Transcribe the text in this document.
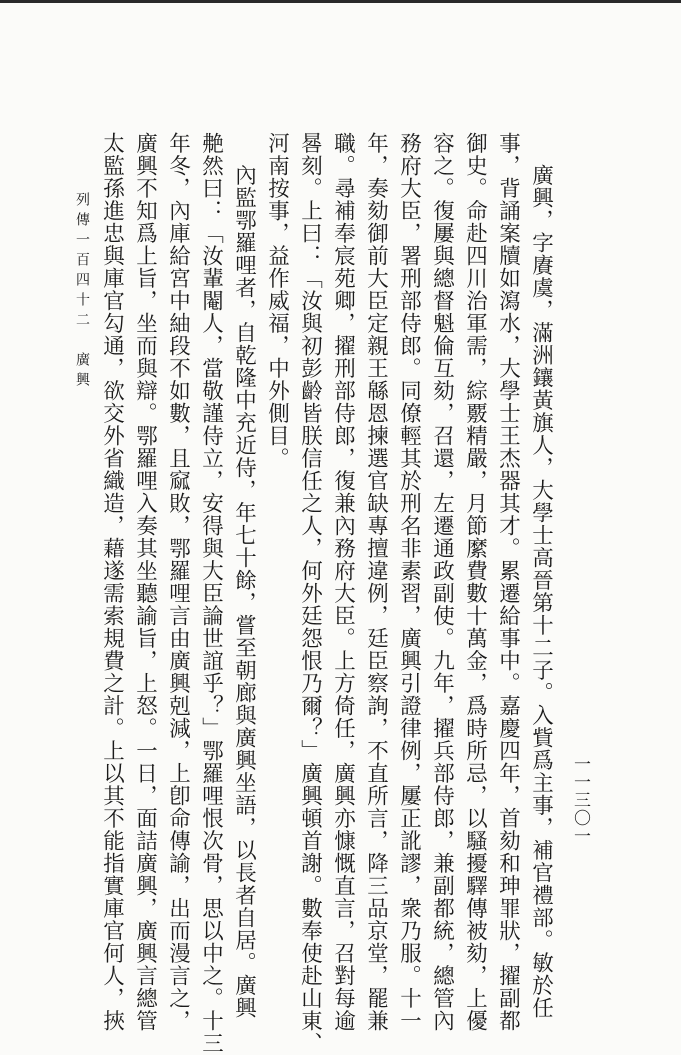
廣興，字賡虞，滿洲鑲黃旗人，大學士高晉第十二子。入貲爲主事，補官禮部。敏於任
事，背誦案牘如瀉水，大學士王杰器其才。累遷給事中。嘉慶四年，首劾和珅罪狀，擢副都
御史。命赴四川治軍需，綜覈精嚴，月節縻費數十萬金，爲時所忌，以騷擾驛傳被劾，上優
容之。復屢與總督魁倫互劾，召還，左遷通政副使。九年，擢兵部侍郎，兼副都統，總管內
務府大臣，署刑部侍郎。同僚輕其於刑名非素習，廣興引證律例，屢正訛謬，衆乃服。十一
年，奏劾御前大臣定親王緜恩揀選官缺專擅違例，廷臣察詢，不直所言，降三品京堂，罷兼
職。尋補奉宸苑卿，擢刑部侍郎，復兼內務府大臣。上方倚任，廣興亦慷慨直言，召對每逾
晷刻。上曰：「汝與初彭齡皆朕信任之人，何外廷怨恨乃爾？」廣興頓首謝。數奉使赴山東、
河南按事，益作威福，中外側目。
內監鄂羅哩者，自乾隆中充近侍，年七十餘，嘗至朝廊與廣興坐語，以長者自居。廣興
艴然曰：「汝輩閹人，當敬謹侍立，安得與大臣論世誼乎？」鄂羅哩恨次骨，思以中之。十三
年冬，內庫給宮中紬段不如數，且窳敗，鄂羅哩言由廣興剋減，上卽命傳諭，出而漫言之，
廣興不知爲上旨，坐而與辯。鄂羅哩入奏其坐聽諭旨，上怒。一日，面詰廣興，廣興言總管
太監孫進忠與庫官勾通，欲交外省織造，藉遂需索規費之計。上以其不能指實庫官何人，挾
列傳一百四十二　廣興
一一三〇一
